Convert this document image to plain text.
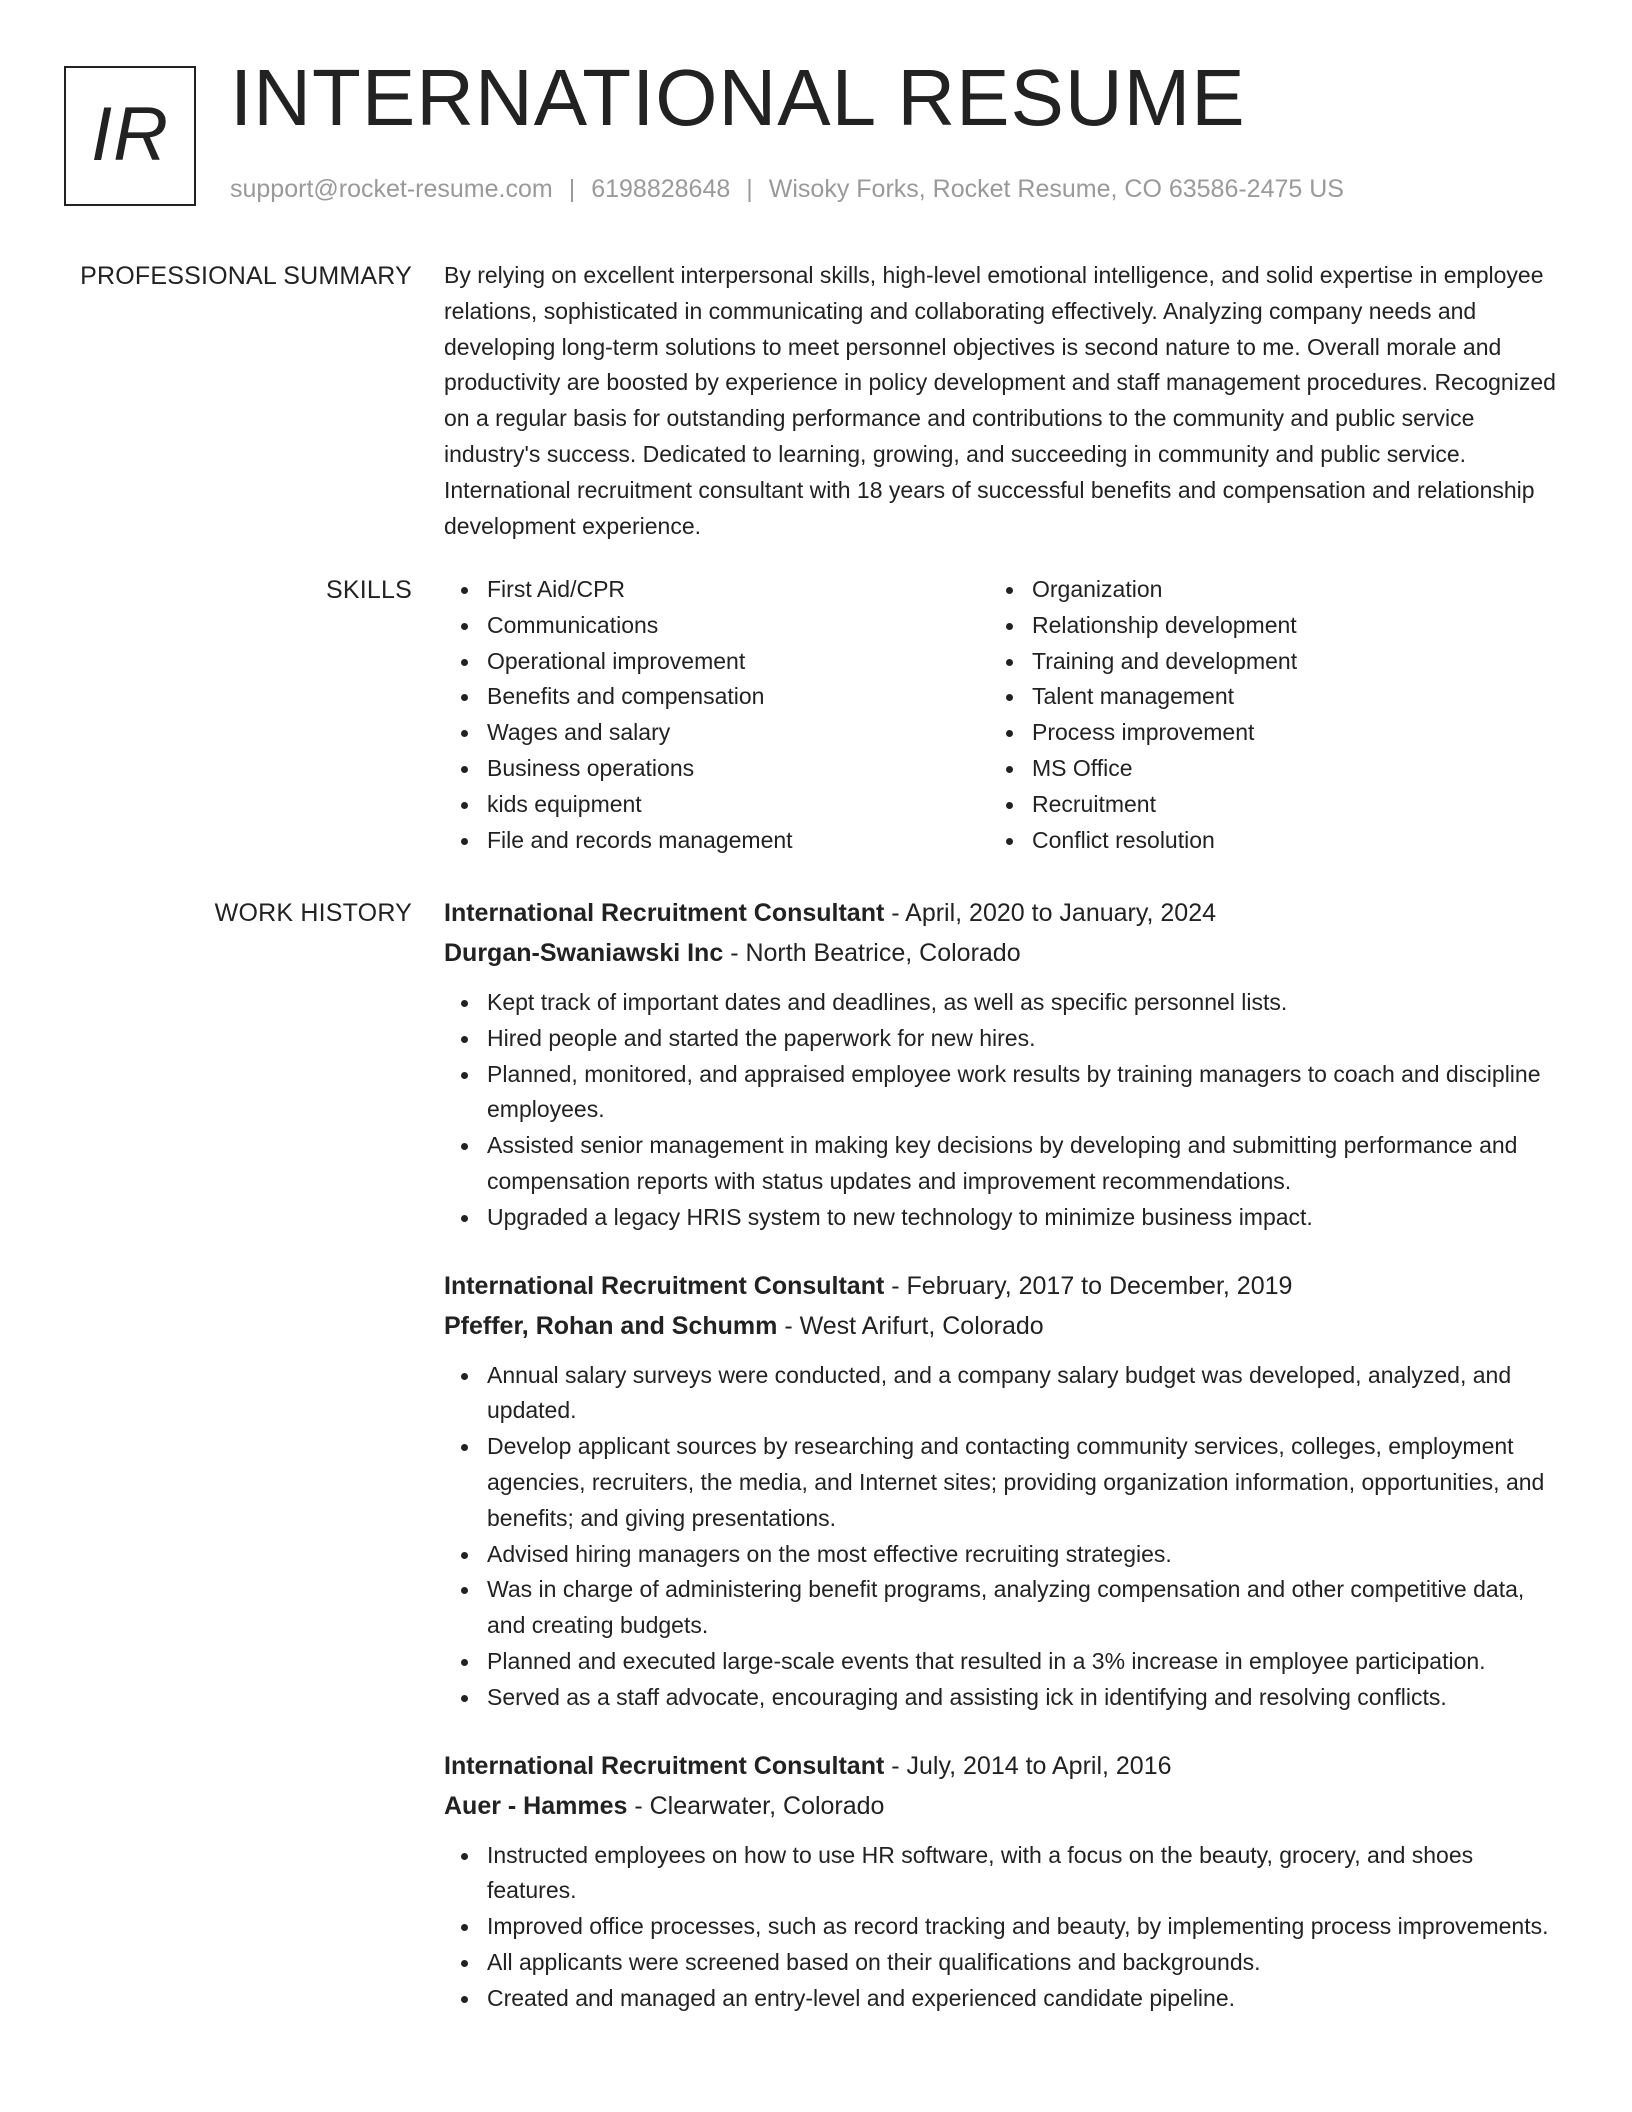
IR INTERNATIONAL RESUME
support@rocket-resume.com | 6198828648 | Wisoky Forks, Rocket Resume, CO 63586-2475 US
PROFESSIONAL SUMMARY By relying on excellent interpersonal skills, high-level emotional intelligence, and solid expertise in employee relations, sophisticated in communicating and collaborating effectively. Analyzing company needs and developing long-term solutions to meet personnel objectives is second nature to me. Overall morale and productivity are boosted by experience in policy development and staff management procedures. Recognized on a regular basis for outstanding performance and contributions to the community and public service industry's success. Dedicated to learning, growing, and succeeding in community and public service. International recruitment consultant with 18 years of successful benefits and compensation and relationship development experience.

SKILLS	First Aid/CPR
Communications
Operational improvement
Benefits and compensation
Wages and salary
Business operations
kids equipment
File and records management
Organization
Relationship development
Training and development
Talent management
Process improvement
MS Office
Recruitment
Conflict resolution
WORK HISTORY International Recruitment Consultant - April, 2020 to January, 2024
Durgan-Swaniawski Inc - North Beatrice, Colorado
Kept track of important dates and deadlines, as well as specific personnel lists.
Hired people and started the paperwork for new hires.
Planned, monitored, and appraised employee work results by training managers to coach and discipline employees.
Assisted senior management in making key decisions by developing and submitting performance and compensation reports with status updates and improvement recommendations.
Upgraded a legacy HRIS system to new technology to minimize business impact.
International Recruitment Consultant - February, 2017 to December, 2019
Pfeffer, Rohan and Schumm - West Arifurt, Colorado
Annual salary surveys were conducted, and a company salary budget was developed, analyzed, and updated.
Develop applicant sources by researching and contacting community services, colleges, employment agencies, recruiters, the media, and Internet sites; providing organization information, opportunities, and benefits; and giving presentations.
Advised hiring managers on the most effective recruiting strategies.
Was in charge of administering benefit programs, analyzing compensation and other competitive data, and creating budgets.
Planned and executed large-scale events that resulted in a 3% increase in employee participation.
Served as a staff advocate, encouraging and assisting ick in identifying and resolving conflicts.
International Recruitment Consultant - July, 2014 to April, 2016
Auer - Hammes - Clearwater, Colorado
Instructed employees on how to use HR software, with a focus on the beauty, grocery, and shoes features.
Improved office processes, such as record tracking and beauty, by implementing process improvements.
All applicants were screened based on their qualifications and backgrounds.
Created and managed an entry-level and experienced candidate pipeline.
